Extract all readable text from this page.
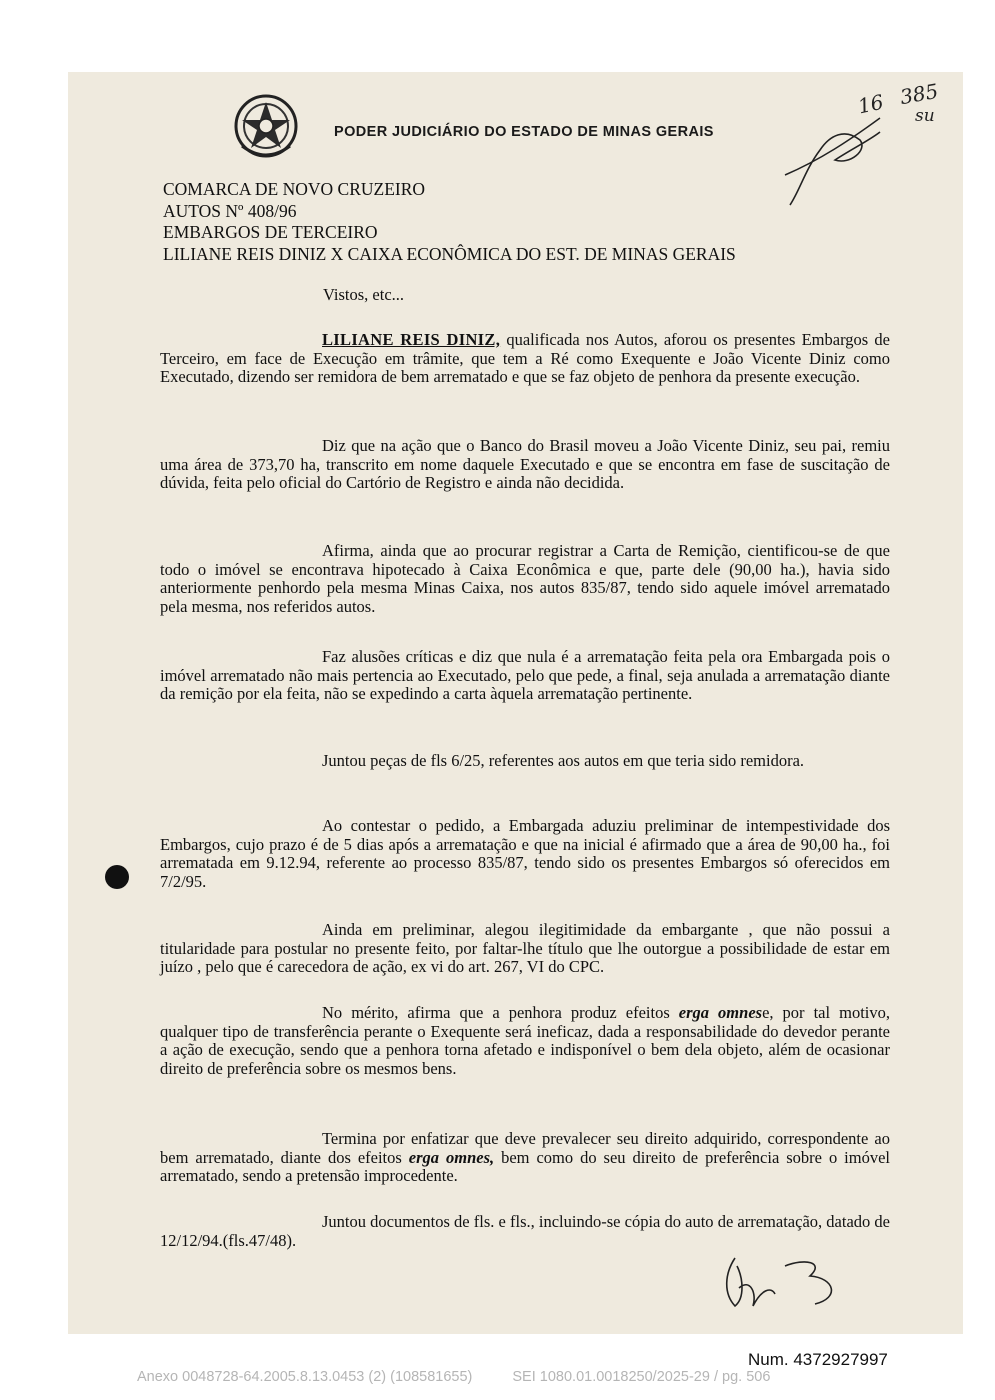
PODER JUDICIÁRIO DO ESTADO DE MINAS GERAIS
16 385
su
COMARCA DE NOVO CRUZEIRO
AUTOS Nº 408/96
EMBARGOS DE TERCEIRO
LILIANE REIS DINIZ X CAIXA ECONÔMICA DO EST. DE MINAS GERAIS
Vistos, etc...
LILIANE REIS DINIZ, qualificada nos Autos, aforou os presentes Embargos de Terceiro, em face de Execução em trâmite, que tem a Ré como Exequente e João Vicente Diniz como Executado, dizendo ser remidora de bem arrematado e que se faz objeto de penhora da presente execução.
Diz que na ação que o Banco do Brasil moveu a João Vicente Diniz, seu pai, remiu uma área de 373,70 ha, transcrito em nome daquele Executado e que se encontra em fase de suscitação de dúvida, feita pelo oficial do Cartório de Registro e ainda não decidida.
Afirma, ainda que ao procurar registrar a Carta de Remição, cientificou-se de que todo o imóvel se encontrava hipotecado à Caixa Econômica e que, parte dele (90,00 ha.), havia sido anteriormente penhordo pela mesma Minas Caixa, nos autos 835/87, tendo sido aquele imóvel arrematado pela mesma, nos referidos autos.
Faz alusões críticas e diz que nula é a arrematação feita pela ora Embargada pois o imóvel arrematado não mais pertencia ao Executado, pelo que pede, a final, seja anulada a arrematação diante da remição por ela feita, não se expedindo a carta àquela arrematação pertinente.
Juntou peças de fls 6/25, referentes aos autos em que teria sido remidora.
Ao contestar o pedido, a Embargada aduziu preliminar de intempestividade dos Embargos, cujo prazo é de 5 dias após a arrematação e que na inicial é afirmado que a área de 90,00 ha., foi arrematada em 9.12.94, referente ao processo 835/87, tendo sido os presentes Embargos só oferecidos em 7/2/95.
Ainda em preliminar, alegou ilegitimidade da embargante , que não possui a titularidade para postular no presente feito, por faltar-lhe título que lhe outorgue a possibilidade de estar em juízo , pelo que é carecedora de ação, ex vi do art. 267, VI do CPC.
No mérito, afirma que a penhora produz efeitos erga omnese, por tal motivo, qualquer tipo de transferência perante o Exequente será ineficaz, dada a responsabilidade do devedor perante a ação de execução, sendo que a penhora torna afetado e indisponível o bem dela objeto, além de ocasionar direito de preferência sobre os mesmos bens.
Termina por enfatizar que deve prevalecer seu direito adquirido, correspondente ao bem arrematado, diante dos efeitos erga omnes, bem como do seu direito de preferência sobre o imóvel arrematado, sendo a pretensão improcedente.
Juntou documentos de fls. e fls., incluindo-se cópia do auto de arrematação, datado de 12/12/94.(fls.47/48).
Num. 4372927997
Anexo 0048728-64.2005.8.13.0453 (2) (108581655)	SEI 1080.01.0018250/2025-29 / pg. 506
